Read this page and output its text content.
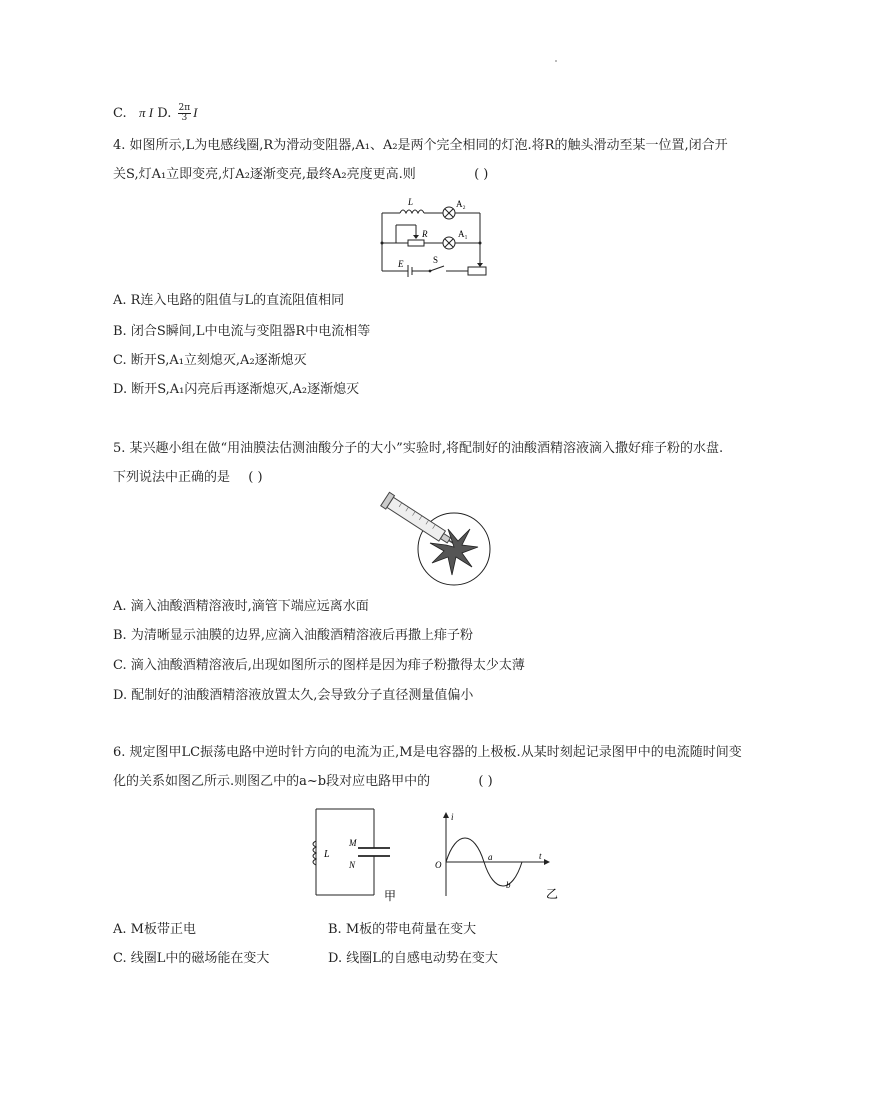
C. π I D. $\frac{2\pi}{3}$ I
4. 如图所示,L为电感线圈,R为滑动变阻器,A₁、A₂是两个完全相同的灯泡.将R的触头滑动至某一位置,闭合开
关S,灯A₁立即变亮,灯A₂逐渐变亮,最终A₂亮度更高.则	( )
L	A₂
R	A₁
E	S
A. R连入电路的阻值与L的直流阻值相同
B. 闭合S瞬间,L中电流与变阻器R中电流相等
C. 断开S,A₁立刻熄灭,A₂逐渐熄灭
D. 断开S,A₁闪亮后再逐渐熄灭,A₂逐渐熄灭
5. 某兴趣小组在做“用油膜法估测油酸分子的大小”实验时,将配制好的油酸酒精溶液滴入撒好痱子粉的水盘.
下列说法中正确的是 ( )
A. 滴入油酸酒精溶液时,滴管下端应远离水面
B. 为清晰显示油膜的边界,应滴入油酸酒精溶液后再撒上痱子粉
C. 滴入油酸酒精溶液后,出现如图所示的图样是因为痱子粉撒得太少太薄
D. 配制好的油酸酒精溶液放置太久,会导致分子直径测量值偏小
6. 规定图甲LC振荡电路中逆时针方向的电流为正,M是电容器的上极板.从某时刻起记录图甲中的电流随时间变
化的关系如图乙所示.则图乙中的a~b段对应电路甲中的	( )
L
M
N
甲
i
t
O
a
b
乙
A. M板带正电	B. M板的带电荷量在变大
C. 线圈L中的磁场能在变大	D. 线圈L的自感电动势在变大
